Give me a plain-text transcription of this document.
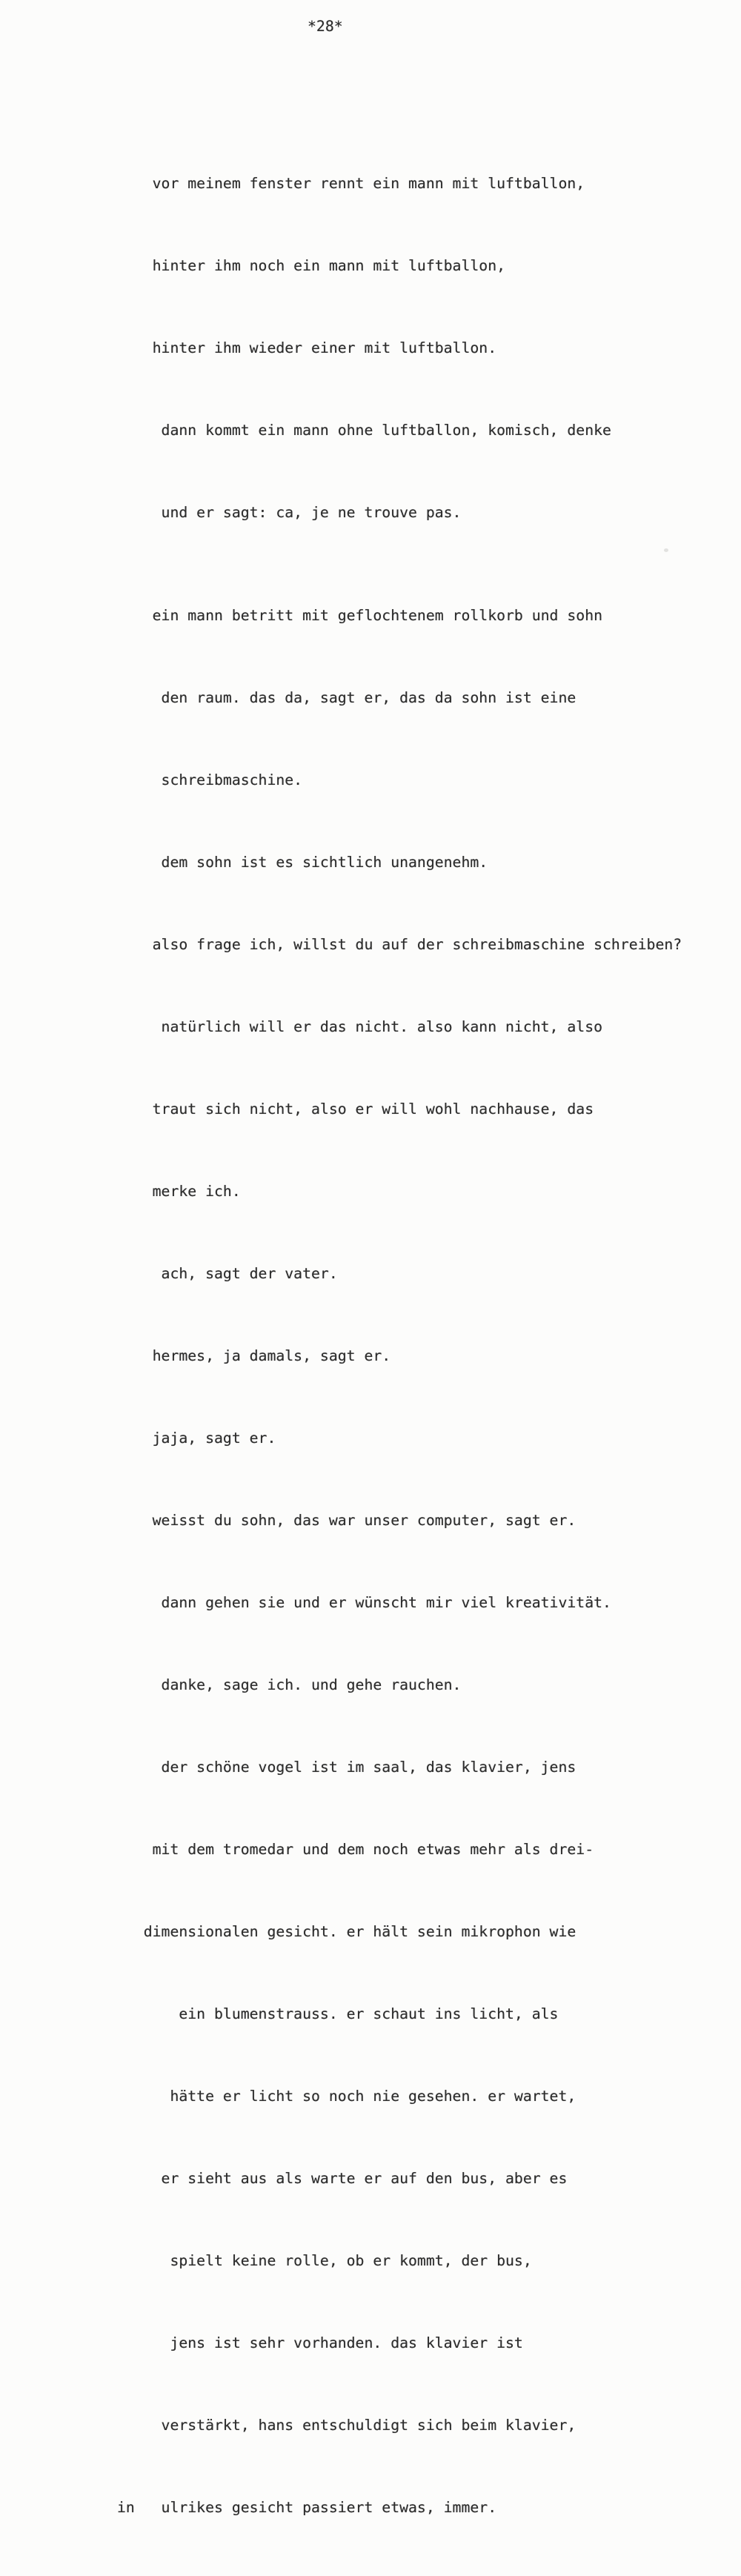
*28*

vor meinem fenster rennt ein mann mit luftballon,

hinter ihm noch ein mann mit luftballon,

hinter ihm wieder einer mit luftballon.

dann kommt ein mann ohne luftballon, komisch, denke

und er sagt: ca, je ne trouve pas.

ein mann betritt mit geflochtenem rollkorb und sohn

den raum. das da, sagt er, das da sohn ist eine

schreibmaschine.

dem sohn ist es sichtlich unangenehm.

also frage ich, willst du auf der schreibmaschine schreiben?

natürlich will er das nicht. also kann nicht, also

traut sich nicht, also er will wohl nachhause, das

merke ich.

ach, sagt der vater.

hermes, ja damals, sagt er.

jaja, sagt er.

weisst du sohn, das war unser computer, sagt er.

dann gehen sie und er wünscht mir viel kreativität.

danke, sage ich. und gehe rauchen.

der schöne vogel ist im saal, das klavier, jens

mit dem tromedar und dem noch etwas mehr als drei-

dimensionalen gesicht. er hält sein mikrophon wie

ein blumenstrauss. er schaut ins licht, als

hätte er licht so noch nie gesehen. er wartet,

er sieht aus als warte er auf den bus, aber es

spielt keine rolle, ob er kommt, der bus,

jens ist sehr vorhanden. das klavier ist

verstärkt, hans entschuldigt sich beim klavier,

in   ulrikes gesicht passiert etwas, immer.
